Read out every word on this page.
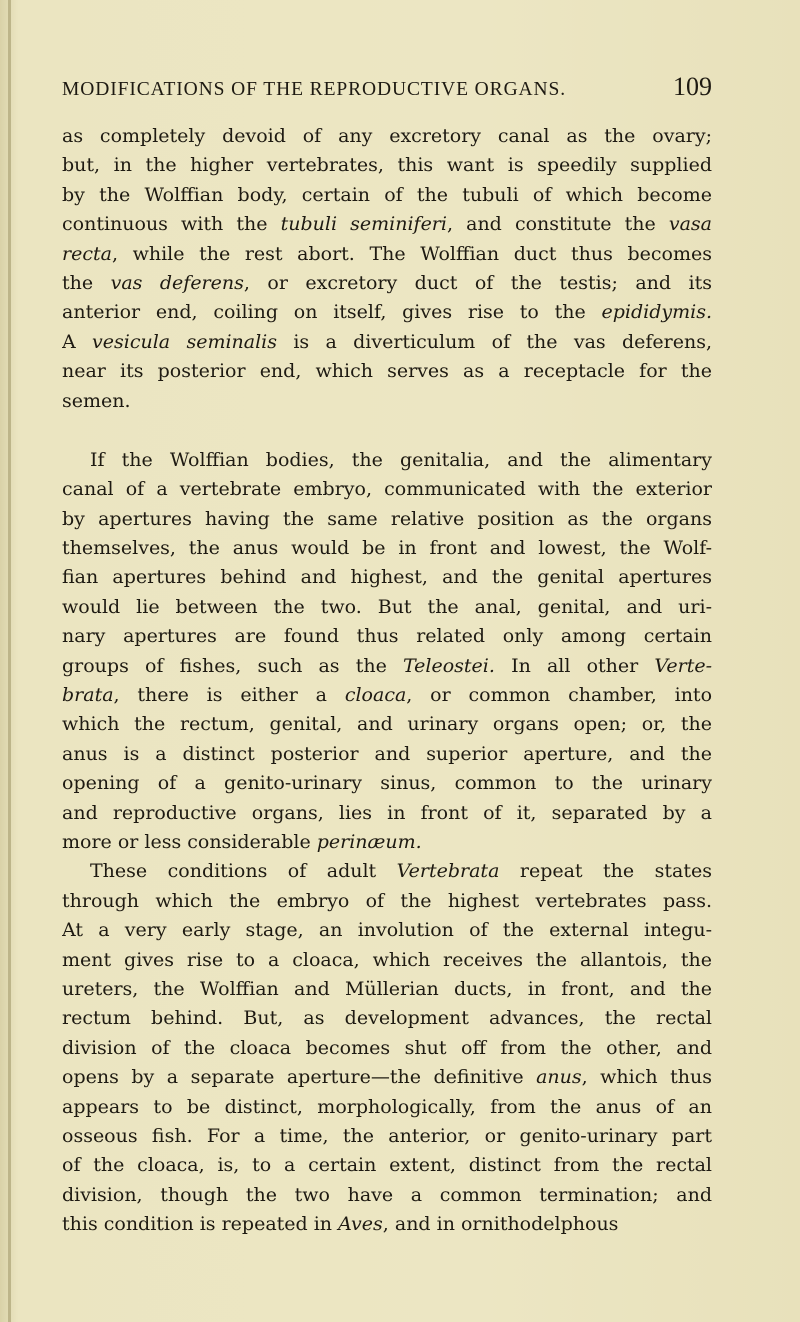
MODIFICATIONS OF THE REPRODUCTIVE ORGANS.	109
as completely devoid of any excretory canal as the ovary;
but, in the higher vertebrates, this want is speedily supplied
by the Wolffian body, certain of the tubuli of which become
continuous with the tubuli seminiferi, and constitute the vasa
recta, while the rest abort. The Wolffian duct thus becomes
the vas deferens, or excretory duct of the testis; and its
anterior end, coiling on itself, gives rise to the epididymis.
A vesicula seminalis is a diverticulum of the vas deferens,
near its posterior end, which serves as a receptacle for the
semen.
If the Wolffian bodies, the genitalia, and the alimentary
canal of a vertebrate embryo, communicated with the exterior
by apertures having the same relative position as the organs
themselves, the anus would be in front and lowest, the Wolf-
fian apertures behind and highest, and the genital apertures
would lie between the two. But the anal, genital, and uri-
nary apertures are found thus related only among certain
groups of fishes, such as the Teleostei. In all other Verte-
brata, there is either a cloaca, or common chamber, into
which the rectum, genital, and urinary organs open; or, the
anus is a distinct posterior and superior aperture, and the
opening of a genito-urinary sinus, common to the urinary
and reproductive organs, lies in front of it, separated by a
more or less considerable perinæum.
These conditions of adult Vertebrata repeat the states
through which the embryo of the highest vertebrates pass.
At a very early stage, an involution of the external integu-
ment gives rise to a cloaca, which receives the allantois, the
ureters, the Wolffian and Müllerian ducts, in front, and the
rectum behind. But, as development advances, the rectal
division of the cloaca becomes shut off from the other, and
opens by a separate aperture—the definitive anus, which thus
appears to be distinct, morphologically, from the anus of an
osseous fish. For a time, the anterior, or genito-urinary part
of the cloaca, is, to a certain extent, distinct from the rectal
division, though the two have a common termination; and
this condition is repeated in Aves, and in ornithodelphous
